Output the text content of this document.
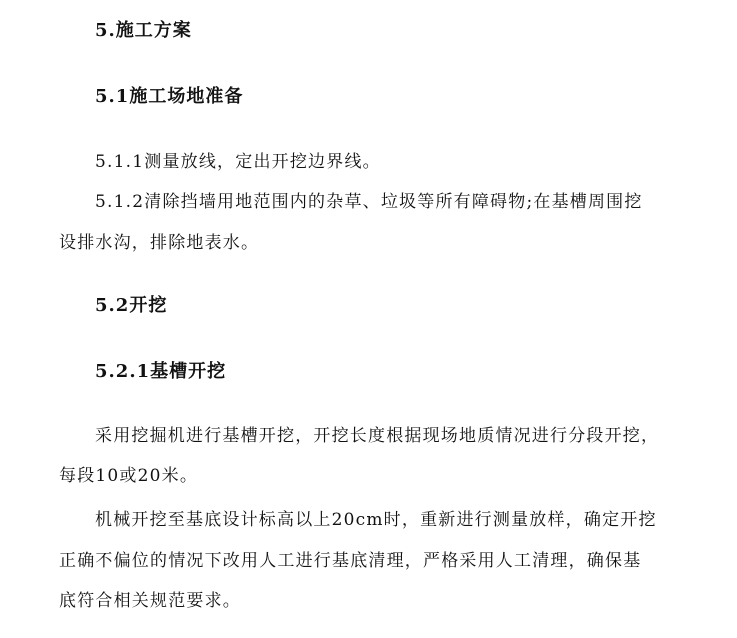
5.施工方案
5.1施工场地准备
5.1.1测量放线，定出开挖边界线。
5.1.2清除挡墙用地范围内的杂草、垃圾等所有障碍物;在基槽周围挖
设排水沟，排除地表水。
5.2开挖
5.2.1基槽开挖
采用挖掘机进行基槽开挖，开挖长度根据现场地质情况进行分段开挖，
每段10或20米。
机械开挖至基底设计标高以上20cm时，重新进行测量放样，确定开挖
正确不偏位的情况下改用人工进行基底清理，严格采用人工清理，确保基
底符合相关规范要求。
